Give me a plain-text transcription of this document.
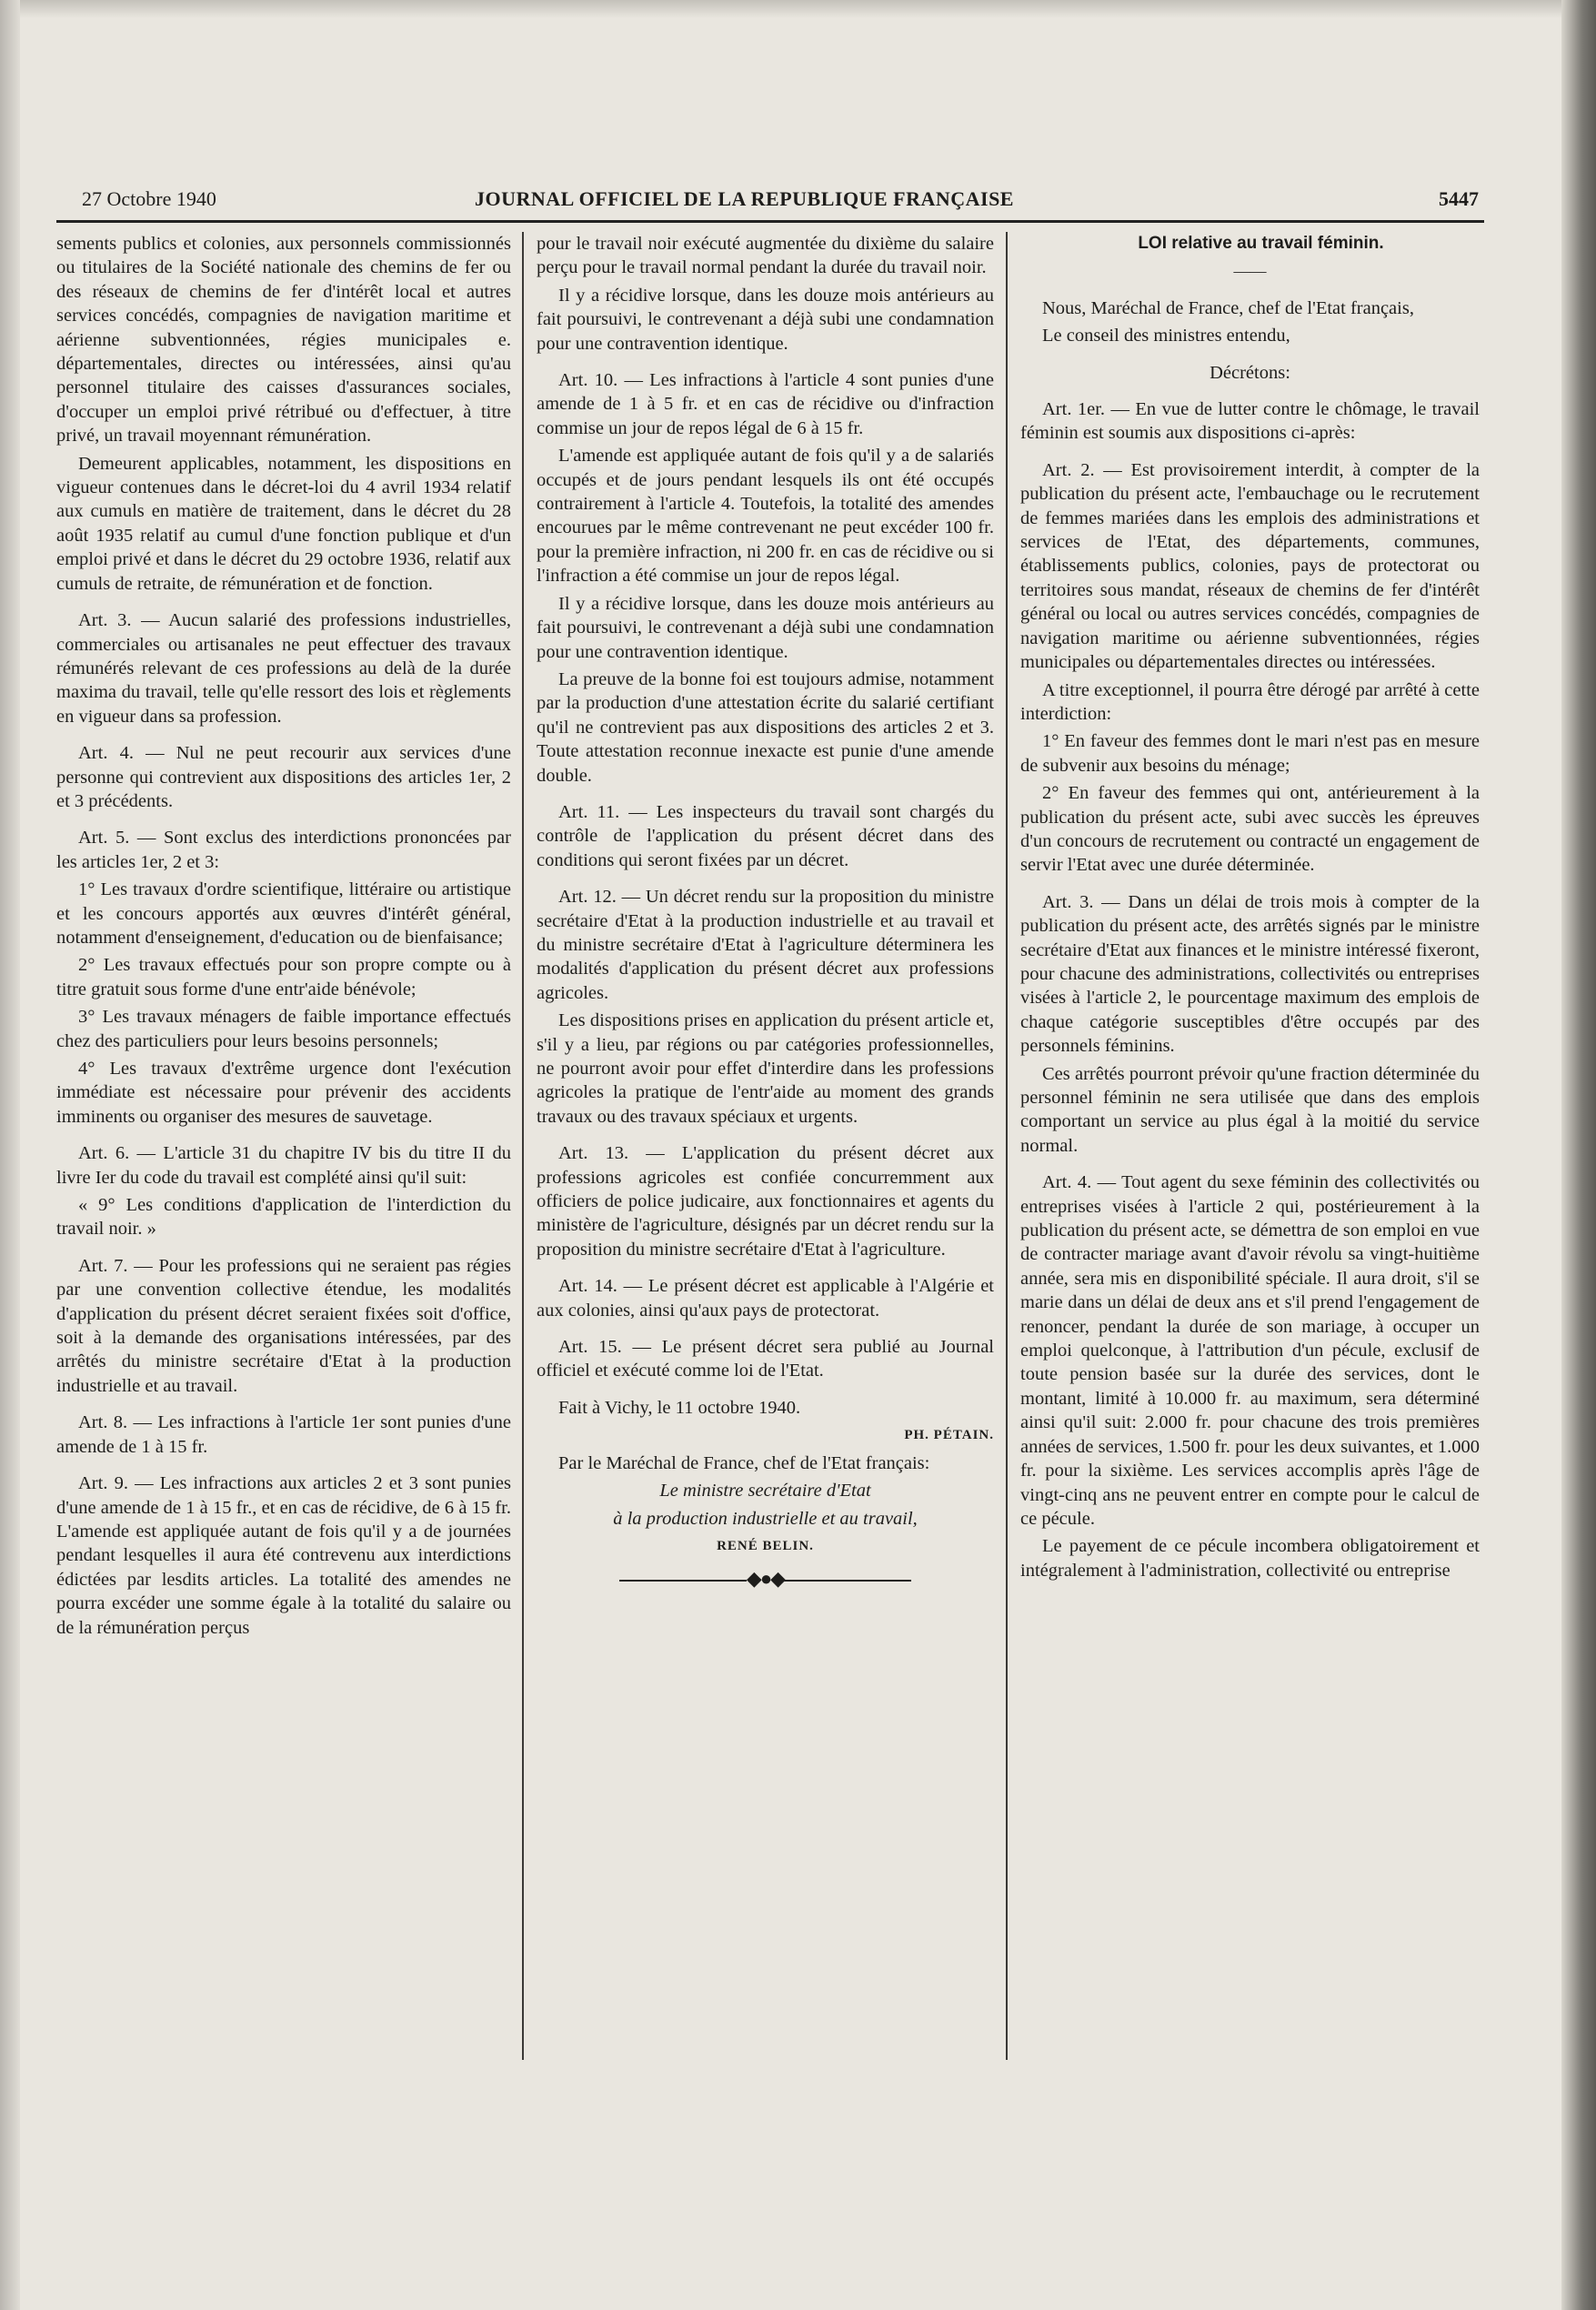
27 Octobre 1940	JOURNAL OFFICIEL DE LA REPUBLIQUE FRANÇAISE	5447

sements publics et colonies, aux personnels commissionnés ou titulaires de la Société nationale des chemins de fer ou des réseaux de chemins de fer d'intérêt local et autres services concédés, compagnies de navigation maritime et aérienne subventionnées, régies municipales e. départementales, directes ou intéressées, ainsi qu'au personnel titulaire des caisses d'assurances sociales, d'occuper un emploi privé rétribué ou d'effectuer, à titre privé, un travail moyennant rémunération.

Demeurent applicables, notamment, les dispositions en vigueur contenues dans le décret-loi du 4 avril 1934 relatif aux cumuls en matière de traitement, dans le décret du 28 août 1935 relatif au cumul d'une fonction publique et d'un emploi privé et dans le décret du 29 octobre 1936, relatif aux cumuls de retraite, de rémunération et de fonction.

Art. 3. — Aucun salarié des professions industrielles, commerciales ou artisanales ne peut effectuer des travaux rémunérés relevant de ces professions au delà de la durée maxima du travail, telle qu'elle ressort des lois et règlements en vigueur dans sa profession.

Art. 4. — Nul ne peut recourir aux services d'une personne qui contrevient aux dispositions des articles 1er, 2 et 3 précédents.

Art. 5. — Sont exclus des interdictions prononcées par les articles 1er, 2 et 3:

1° Les travaux d'ordre scientifique, littéraire ou artistique et les concours apportés aux œuvres d'intérêt général, notamment d'enseignement, d'education ou de bienfaisance;

2° Les travaux effectués pour son propre compte ou à titre gratuit sous forme d'une entr'aide bénévole;

3° Les travaux ménagers de faible importance effectués chez des particuliers pour leurs besoins personnels;

4° Les travaux d'extrême urgence dont l'exécution immédiate est nécessaire pour prévenir des accidents imminents ou organiser des mesures de sauvetage.

Art. 6. — L'article 31 du chapitre IV bis du titre II du livre Ier du code du travail est complété ainsi qu'il suit:

« 9° Les conditions d'application de l'interdiction du travail noir. »

Art. 7. — Pour les professions qui ne seraient pas régies par une convention collective étendue, les modalités d'application du présent décret seraient fixées soit d'office, soit à la demande des organisations intéressées, par des arrêtés du ministre secrétaire d'Etat à la production industrielle et au travail.

Art. 8. — Les infractions à l'article 1er sont punies d'une amende de 1 à 15 fr.

Art. 9. — Les infractions aux articles 2 et 3 sont punies d'une amende de 1 à 15 fr., et en cas de récidive, de 6 à 15 fr. L'amende est appliquée autant de fois qu'il y a de journées pendant lesquelles il aura été contrevenu aux interdictions édictées par lesdits articles. La totalité des amendes ne pourra excéder une somme égale à la totalité du salaire ou de la rémunération perçus

pour le travail noir exécuté augmentée du dixième du salaire perçu pour le travail normal pendant la durée du travail noir.

Il y a récidive lorsque, dans les douze mois antérieurs au fait poursuivi, le contrevenant a déjà subi une condamnation pour une contravention identique.

Art. 10. — Les infractions à l'article 4 sont punies d'une amende de 1 à 5 fr. et en cas de récidive ou d'infraction commise un jour de repos légal de 6 à 15 fr.

L'amende est appliquée autant de fois qu'il y a de salariés occupés et de jours pendant lesquels ils ont été occupés contrairement à l'article 4. Toutefois, la totalité des amendes encourues par le même contrevenant ne peut excéder 100 fr. pour la première infraction, ni 200 fr. en cas de récidive ou si l'infraction a été commise un jour de repos légal.

Il y a récidive lorsque, dans les douze mois antérieurs au fait poursuivi, le contrevenant a déjà subi une condamnation pour une contravention identique.

La preuve de la bonne foi est toujours admise, notamment par la production d'une attestation écrite du salarié certifiant qu'il ne contrevient pas aux dispositions des articles 2 et 3. Toute attestation reconnue inexacte est punie d'une amende double.

Art. 11. — Les inspecteurs du travail sont chargés du contrôle de l'application du présent décret dans des conditions qui seront fixées par un décret.

Art. 12. — Un décret rendu sur la proposition du ministre secrétaire d'Etat à la production industrielle et au travail et du ministre secrétaire d'Etat à l'agriculture déterminera les modalités d'application du présent décret aux professions agricoles.

Les dispositions prises en application du présent article et, s'il y a lieu, par régions ou par catégories professionnelles, ne pourront avoir pour effet d'interdire dans les professions agricoles la pratique de l'entr'aide au moment des grands travaux ou des travaux spéciaux et urgents.

Art. 13. — L'application du présent décret aux professions agricoles est confiée concurremment aux officiers de police judicaire, aux fonctionnaires et agents du ministère de l'agriculture, désignés par un décret rendu sur la proposition du ministre secrétaire d'Etat à l'agriculture.

Art. 14. — Le présent décret est applicable à l'Algérie et aux colonies, ainsi qu'aux pays de protectorat.

Art. 15. — Le présent décret sera publié au Journal officiel et exécuté comme loi de l'Etat.

Fait à Vichy, le 11 octobre 1940.

PH. PÉTAIN.

Par le Maréchal de France, chef de l'Etat français:

Le ministre secrétaire d'Etat

à la production industrielle et au travail,

RENÉ BELIN.

◆●◆

LOI relative au travail féminin.

——

Nous, Maréchal de France, chef de l'Etat français,

Le conseil des ministres entendu,

Décrétons:

Art. 1er. — En vue de lutter contre le chômage, le travail féminin est soumis aux dispositions ci-après:

Art. 2. — Est provisoirement interdit, à compter de la publication du présent acte, l'embauchage ou le recrutement de femmes mariées dans les emplois des administrations et services de l'Etat, des départements, communes, établissements publics, colonies, pays de protectorat ou territoires sous mandat, réseaux de chemins de fer d'intérêt général ou local ou autres services concédés, compagnies de navigation maritime ou aérienne subventionnées, régies municipales ou départementales directes ou intéressées.

A titre exceptionnel, il pourra être dérogé par arrêté à cette interdiction:

1° En faveur des femmes dont le mari n'est pas en mesure de subvenir aux besoins du ménage;

2° En faveur des femmes qui ont, antérieurement à la publication du présent acte, subi avec succès les épreuves d'un concours de recrutement ou contracté un engagement de servir l'Etat avec une durée déterminée.

Art. 3. — Dans un délai de trois mois à compter de la publication du présent acte, des arrêtés signés par le ministre secrétaire d'Etat aux finances et le ministre intéressé fixeront, pour chacune des administrations, collectivités ou entreprises visées à l'article 2, le pourcentage maximum des emplois de chaque catégorie susceptibles d'être occupés par des personnels féminins.

Ces arrêtés pourront prévoir qu'une fraction déterminée du personnel féminin ne sera utilisée que dans des emplois comportant un service au plus égal à la moitié du service normal.

Art. 4. — Tout agent du sexe féminin des collectivités ou entreprises visées à l'article 2 qui, postérieurement à la publication du présent acte, se démettra de son emploi en vue de contracter mariage avant d'avoir révolu sa vingt-huitième année, sera mis en disponibilité spéciale. Il aura droit, s'il se marie dans un délai de deux ans et s'il prend l'engagement de renoncer, pendant la durée de son mariage, à occuper un emploi quelconque, à l'attribution d'un pécule, exclusif de toute pension basée sur la durée des services, dont le montant, limité à 10.000 fr. au maximum, sera déterminé ainsi qu'il suit: 2.000 fr. pour chacune des trois premières années de services, 1.500 fr. pour les deux suivantes, et 1.000 fr. pour la sixième. Les services accomplis après l'âge de vingt-cinq ans ne peuvent entrer en compte pour le calcul de ce pécule.

Le payement de ce pécule incombera obligatoirement et intégralement à l'administration, collectivité ou entreprise
